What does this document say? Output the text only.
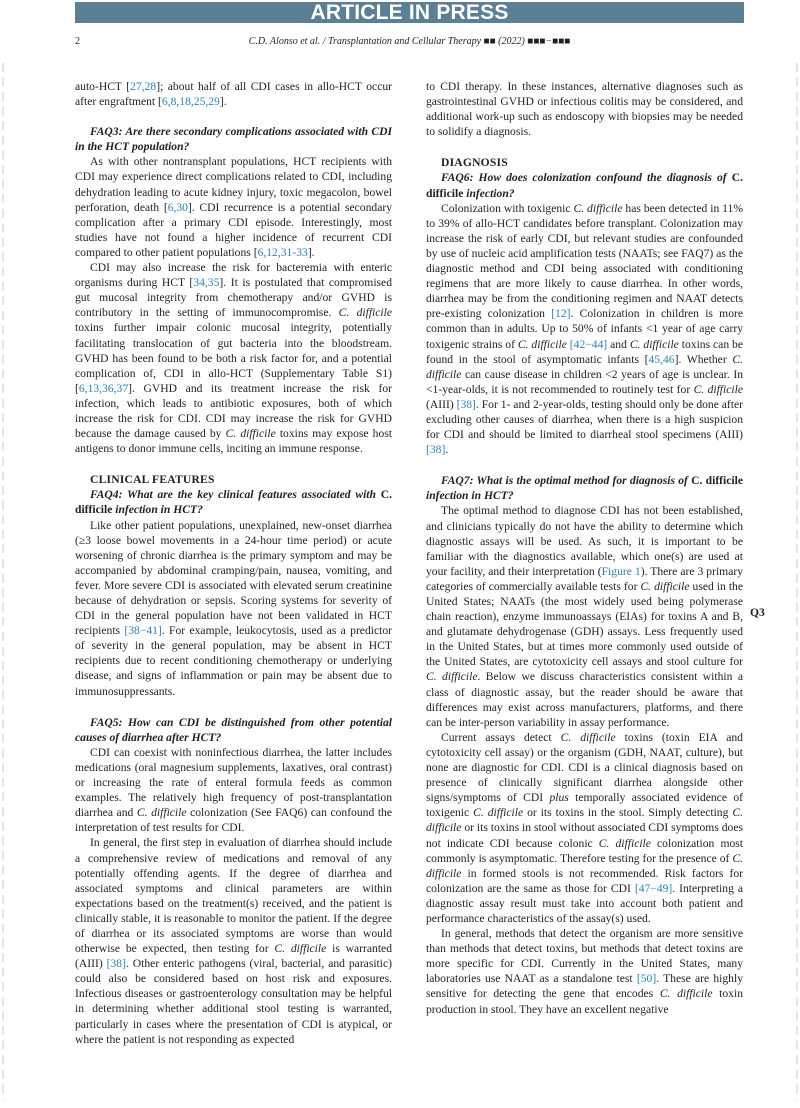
ARTICLE IN PRESS
2	C.D. Alonso et al. / Transplantation and Cellular Therapy ■■ (2022) ■■■−■■■
Q3

auto-HCT [27,28]; about half of all CDI cases in allo-HCT occur after engraftment [6,8,18,25,29].

FAQ3: Are there secondary complications associated with CDI in the HCT population?

As with other nontransplant populations, HCT recipients with CDI may experience direct complications related to CDI, including dehydration leading to acute kidney injury, toxic megacolon, bowel perforation, death [6,30]. CDI recurrence is a potential secondary complication after a primary CDI episode. Interestingly, most studies have not found a higher incidence of recurrent CDI compared to other patient populations [6,12,31-33].

CDI may also increase the risk for bacteremia with enteric organisms during HCT [34,35]. It is postulated that compromised gut mucosal integrity from chemotherapy and/or GVHD is contributory in the setting of immunocompromise. C. difficile toxins further impair colonic mucosal integrity, potentially facilitating translocation of gut bacteria into the bloodstream. GVHD has been found to be both a risk factor for, and a potential complication of, CDI in allo-HCT (Supplementary Table S1) [6,13,36,37]. GVHD and its treatment increase the risk for infection, which leads to antibiotic exposures, both of which increase the risk for CDI. CDI may increase the risk for GVHD because the damage caused by C. difficile toxins may expose host antigens to donor immune cells, inciting an immune response.

CLINICAL FEATURES

FAQ4: What are the key clinical features associated with C. difficile infection in HCT?

Like other patient populations, unexplained, new-onset diarrhea (≥3 loose bowel movements in a 24-hour time period) or acute worsening of chronic diarrhea is the primary symptom and may be accompanied by abdominal cramping/pain, nausea, vomiting, and fever. More severe CDI is associated with elevated serum creatinine because of dehydration or sepsis. Scoring systems for severity of CDI in the general population have not been validated in HCT recipients [38−41]. For example, leukocytosis, used as a predictor of severity in the general population, may be absent in HCT recipients due to recent conditioning chemotherapy or underlying disease, and signs of inflammation or pain may be absent due to immunosuppressants.

FAQ5: How can CDI be distinguished from other potential causes of diarrhea after HCT?

CDI can coexist with noninfectious diarrhea, the latter includes medications (oral magnesium supplements, laxatives, oral contrast) or increasing the rate of enteral formula feeds as common examples. The relatively high frequency of post-transplantation diarrhea and C. difficile colonization (See FAQ6) can confound the interpretation of test results for CDI.

In general, the first step in evaluation of diarrhea should include a comprehensive review of medications and removal of any potentially offending agents. If the degree of diarrhea and associated symptoms and clinical parameters are within expectations based on the treatment(s) received, and the patient is clinically stable, it is reasonable to monitor the patient. If the degree of diarrhea or its associated symptoms are worse than would otherwise be expected, then testing for C. difficile is warranted (AIII) [38]. Other enteric pathogens (viral, bacterial, and parasitic) could also be considered based on host risk and exposures. Infectious diseases or gastroenterology consultation may be helpful in determining whether additional stool testing is warranted, particularly in cases where the presentation of CDI is atypical, or where the patient is not responding as expected

to CDI therapy. In these instances, alternative diagnoses such as gastrointestinal GVHD or infectious colitis may be considered, and additional work-up such as endoscopy with biopsies may be needed to solidify a diagnosis.

DIAGNOSIS

FAQ6: How does colonization confound the diagnosis of C. difficile infection?

Colonization with toxigenic C. difficile has been detected in 11% to 39% of allo-HCT candidates before transplant. Colonization may increase the risk of early CDI, but relevant studies are confounded by use of nucleic acid amplification tests (NAATs; see FAQ7) as the diagnostic method and CDI being associated with conditioning regimens that are more likely to cause diarrhea. In other words, diarrhea may be from the conditioning regimen and NAAT detects pre-existing colonization [12]. Colonization in children is more common than in adults. Up to 50% of infants <1 year of age carry toxigenic strains of C. difficile [42−44] and C. difficile toxins can be found in the stool of asymptomatic infants [45,46]. Whether C. difficile can cause disease in children <2 years of age is unclear. In <1-year-olds, it is not recommended to routinely test for C. difficile (AIII) [38]. For 1- and 2-year-olds, testing should only be done after excluding other causes of diarrhea, when there is a high suspicion for CDI and should be limited to diarrheal stool specimens (AIII) [38].

FAQ7: What is the optimal method for diagnosis of C. difficile infection in HCT?

The optimal method to diagnose CDI has not been established, and clinicians typically do not have the ability to determine which diagnostic assays will be used. As such, it is important to be familiar with the diagnostics available, which one(s) are used at your facility, and their interpretation (Figure 1). There are 3 primary categories of commercially available tests for C. difficile used in the United States; NAATs (the most widely used being polymerase chain reaction), enzyme immunoassays (EIAs) for toxins A and B, and glutamate dehydrogenase (GDH) assays. Less frequently used in the United States, but at times more commonly used outside of the United States, are cytotoxicity cell assays and stool culture for C. difficile. Below we discuss characteristics consistent within a class of diagnostic assay, but the reader should be aware that differences may exist across manufacturers, platforms, and there can be inter-person variability in assay performance.

Current assays detect C. difficile toxins (toxin EIA and cytotoxicity cell assay) or the organism (GDH, NAAT, culture), but none are diagnostic for CDI. CDI is a clinical diagnosis based on presence of clinically significant diarrhea alongside other signs/symptoms of CDI plus temporally associated evidence of toxigenic C. difficile or its toxins in the stool. Simply detecting C. difficile or its toxins in stool without associated CDI symptoms does not indicate CDI because colonic C. difficile colonization most commonly is asymptomatic. Therefore testing for the presence of C. difficile in formed stools is not recommended. Risk factors for colonization are the same as those for CDI [47−49]. Interpreting a diagnostic assay result must take into account both patient and performance characteristics of the assay(s) used.

In general, methods that detect the organism are more sensitive than methods that detect toxins, but methods that detect toxins are more specific for CDI. Currently in the United States, many laboratories use NAAT as a standalone test [50]. These are highly sensitive for detecting the gene that encodes C. difficile toxin production in stool. They have an excellent negative
